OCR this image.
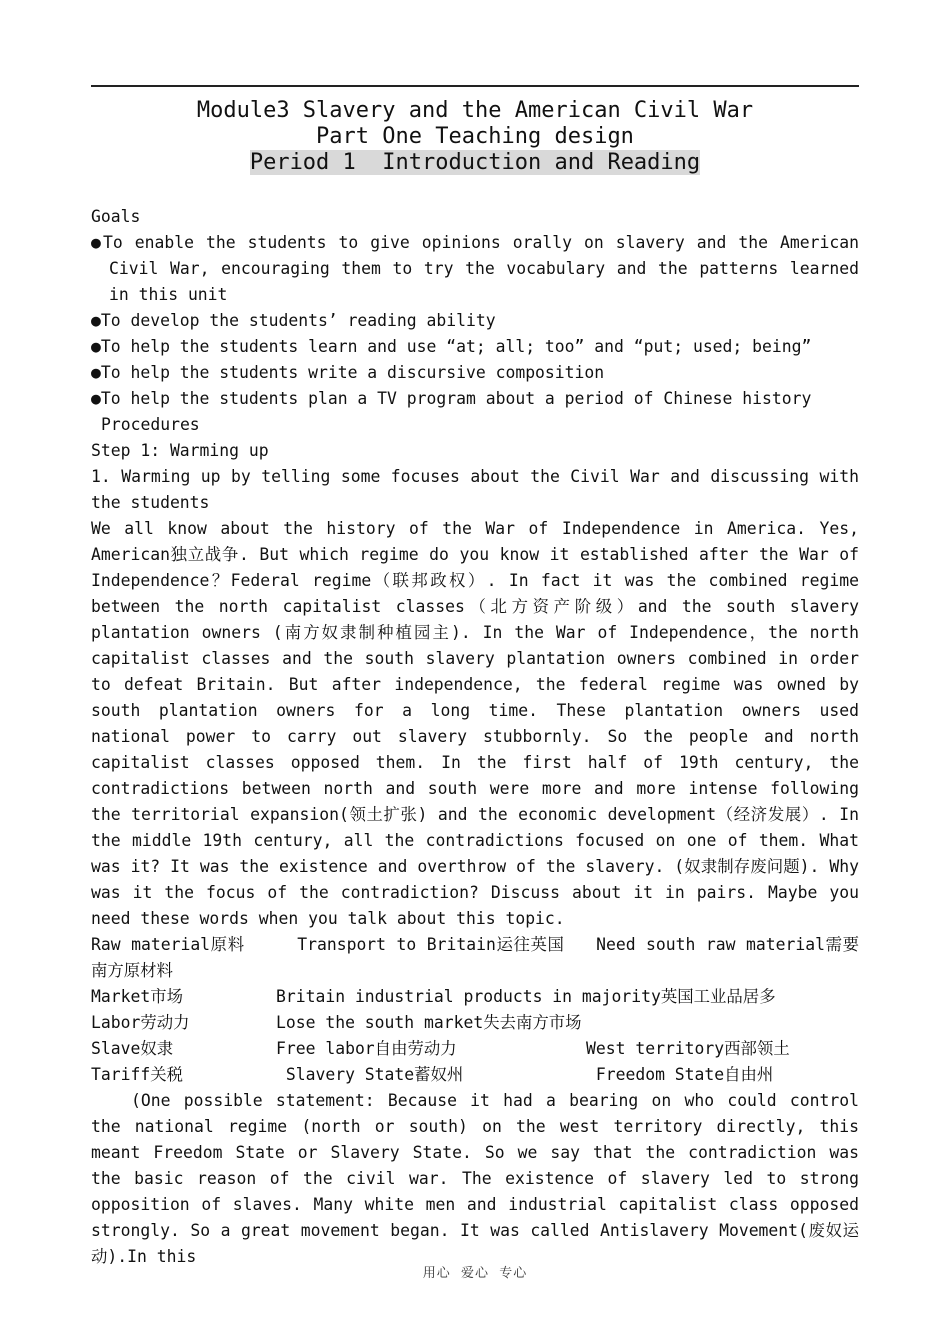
Module3 Slavery and the American Civil War
Part One Teaching design
Period 1  Introduction and Reading

Goals

●To enable the students to give opinions orally on slavery and the American Civil War, encouraging them to try the vocabulary and the patterns learned in this unit

●To develop the students’ reading ability

●To help the students learn and use “at; all; too” and “put; used; being”

●To help the students write a discursive composition

●To help the students plan a TV program about a period of Chinese history

Procedures

Step 1: Warming up

1. Warming up by telling some focuses about the Civil War and discussing with the students

We all know about the history of the War of Independence in America. Yes, American独立战争. But which regime do you know it established after the War of Independence？Federal regime（联邦政权）. In fact it was the combined regime between the north capitalist classes（北方资产阶级）and the south slavery plantation owners (南方奴隶制种植园主). In the War of Independence，the north capitalist classes and the south slavery plantation owners combined in order to defeat Britain. But after independence, the federal regime was owned by south plantation owners for a long time. These plantation owners used national power to carry out slavery stubbornly. So the people and north capitalist classes opposed them. In the first half of 19th century, the contradictions between north and south were more and more intense following the territorial expansion(领土扩张) and the economic development（经济发展）. In the middle 19th century, all the contradictions focused on one of them. What was it? It was the existence and overthrow of the slavery. (奴隶制存废问题). Why was it the focus of the contradiction? Discuss about it in pairs. Maybe you need these words when you talk about this topic.

Raw material原料     Transport to Britain运往英国   Need south raw material需要南方原材料

Market市场	Britain industrial products in majority英国工业品居多
Labor劳动力	Lose the south market失去南方市场
Slave奴隶	Free labor自由劳动力	West territory西部领土
Tariff关税	Slavery State蓄奴州	Freedom State自由州

(One possible statement: Because it had a bearing on who could control the national regime (north or south) on the west territory directly, this meant Freedom State or Slavery State. So we say that the contradiction was the basic reason of the civil war. The existence of slavery led to strong opposition of slaves. Many white men and industrial capitalist class opposed strongly. So a great movement began. It was called Antislavery Movement(废奴运动).In this

用心  爱心  专心
